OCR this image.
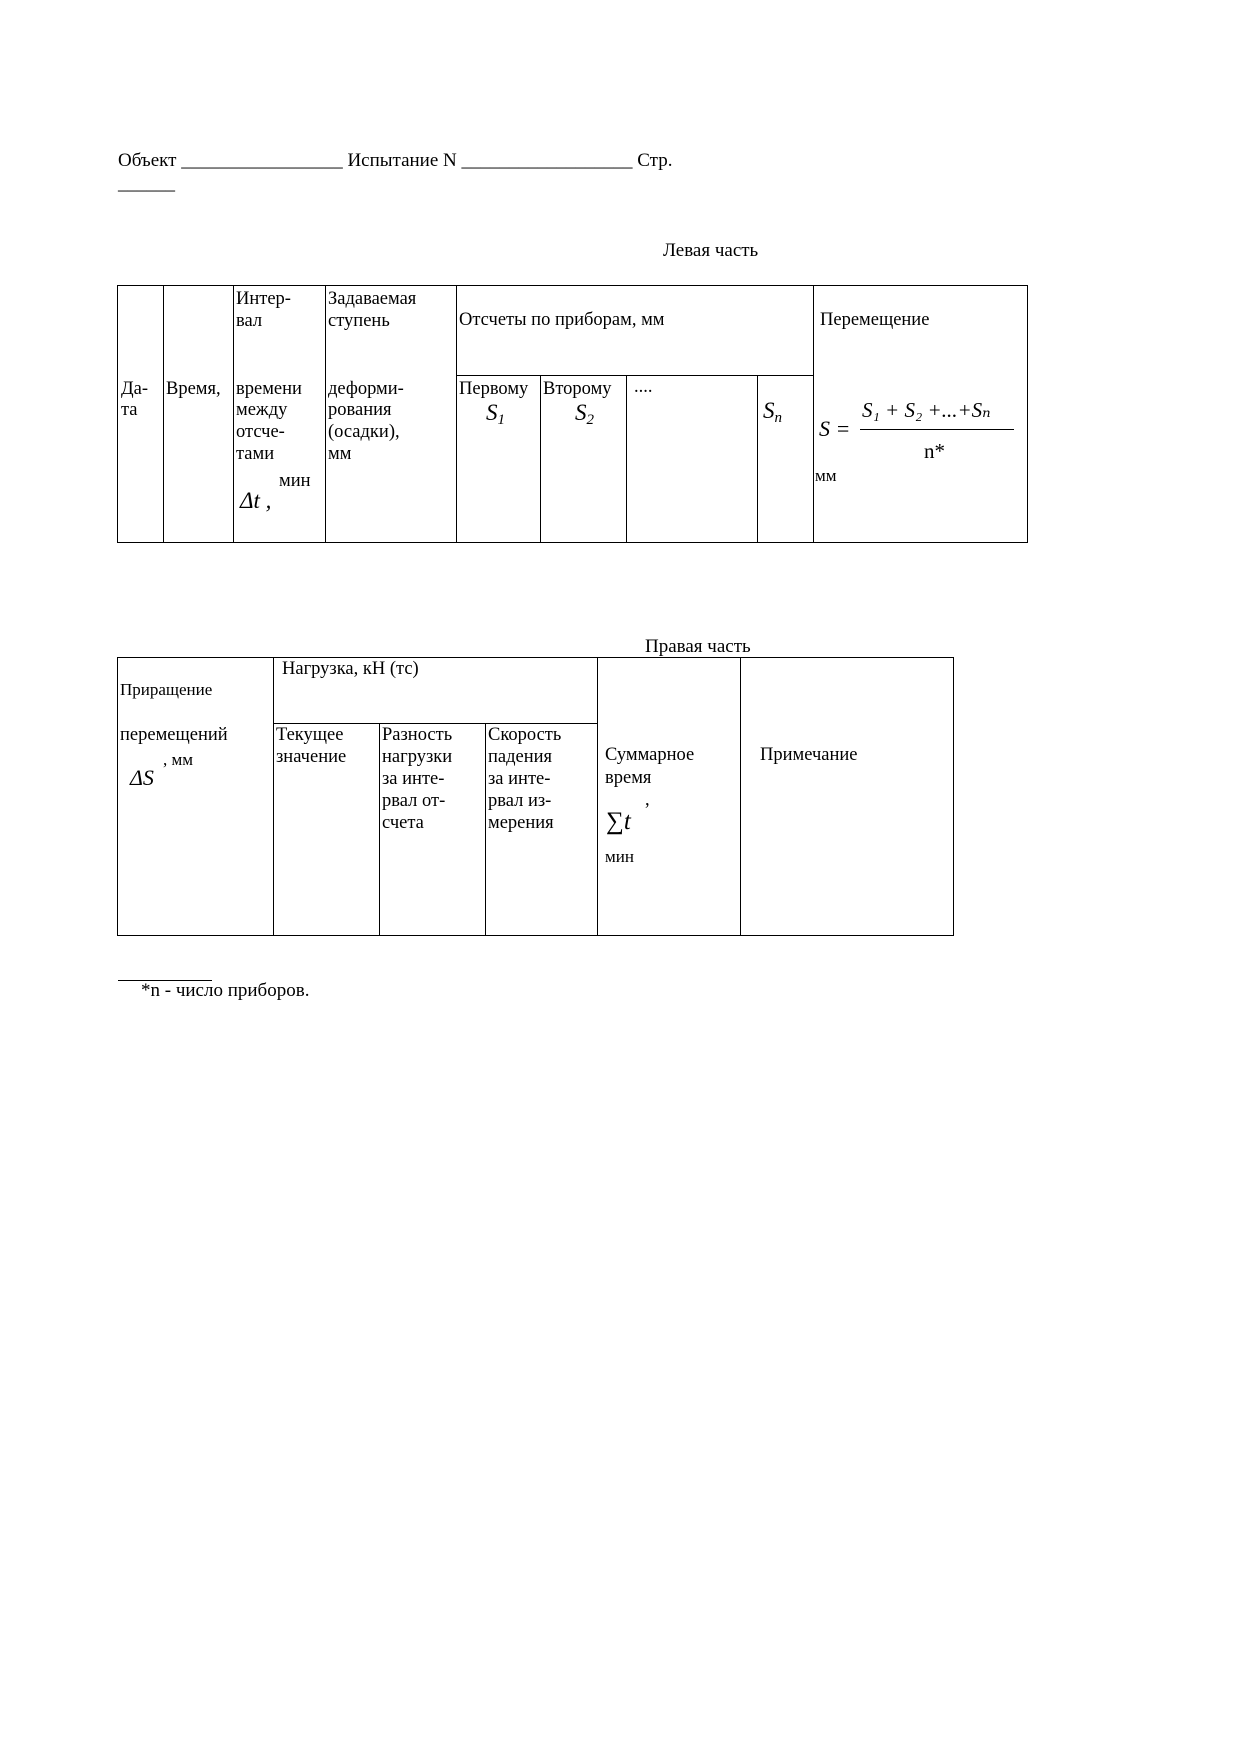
Объект _________________ Испытание N __________________ Стр.
______
Левая часть
Да-
та
Время,
Интер-
вал
времени
между
отсче-
тами
мин
Δt ,
Задаваемая
ступень
деформи-
рования
(осадки),
мм
Отсчеты по приборам, мм
Первому
$S_1$
Второму
$S_2$
....
$S_n$
Перемещение
S =
S₁ + S₂ +...+Sₙ
n*
мм
Правая часть
Приращение
перемещений
, мм
ΔS
Нагрузка, кН (тс)
Текущее
значение
Разность
нагрузки
за инте-
рвал от-
счета
Скорость
падения
за инте-
рвал из-
мерения
Суммарное
время
,
∑t
мин
Примечание
*n - число приборов.
